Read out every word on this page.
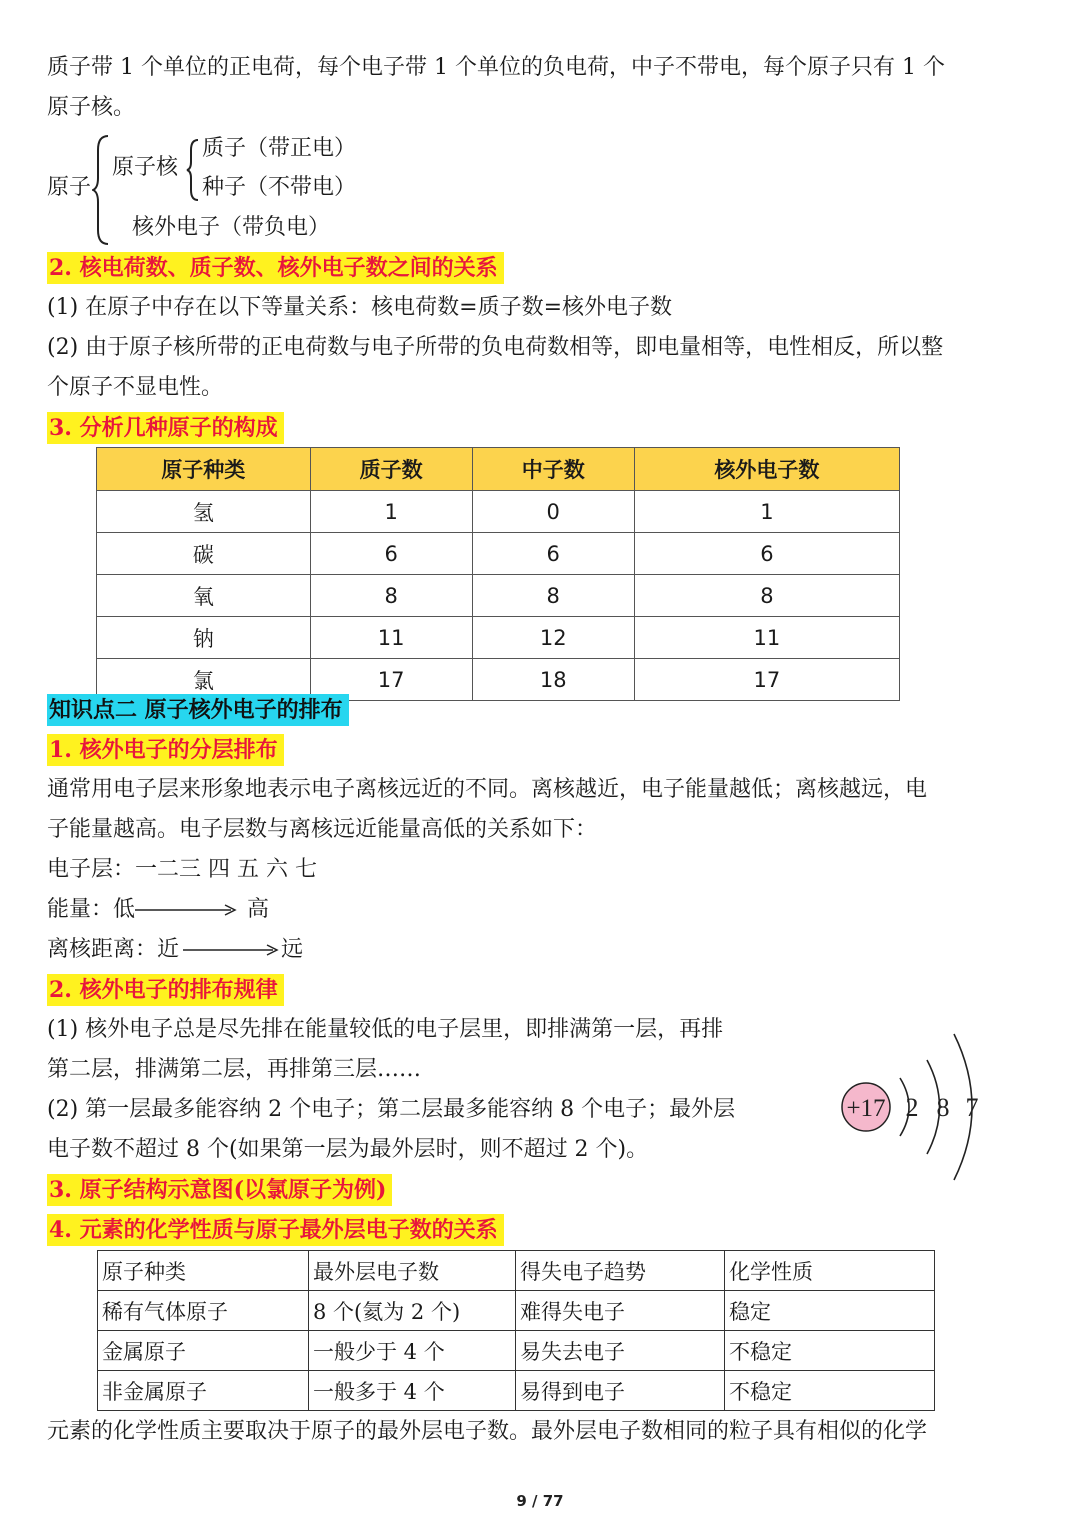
质子带 1 个单位的正电荷，每个电子带 1 个单位的负电荷，中子不带电，每个原子只有 1 个
原子核。
原子
原子核
质子（带正电）
种子（不带电）
核外电子（带负电）
2. 核电荷数、质子数、核外电子数之间的关系
(1) 在原子中存在以下等量关系：核电荷数=质子数=核外电子数
(2) 由于原子核所带的正电荷数与电子所带的负电荷数相等，即电量相等，电性相反，所以整
个原子不显电性。
3. 分析几种原子的构成
原子种类	质子数	中子数	核外电子数
氢	1	0	1
碳	6	6	6
氧	8	8	8
钠	11	12	11
氯	17	18	17
知识点二 原子核外电子的排布
1. 核外电子的分层排布
通常用电子层来形象地表示电子离核远近的不同。离核越近，电子能量越低；离核越远，电
子能量越高。电子层数与离核远近能量高低的关系如下：
电子层：一二三 四 五 六 七
能量：低	高
离核距离：近	远
2. 核外电子的排布规律
(1) 核外电子总是尽先排在能量较低的电子层里，即排满第一层，再排
第二层，排满第二层，再排第三层……
(2) 第一层最多能容纳 2 个电子；第二层最多能容纳 8 个电子；最外层
电子数不超过 8 个(如果第一层为最外层时，则不超过 2 个)。
+17 2 8 7
3. 原子结构示意图(以氯原子为例)
4. 元素的化学性质与原子最外层电子数的关系
原子种类	最外层电子数	得失电子趋势	化学性质
稀有气体原子	8 个(氦为 2 个)	难得失电子	稳定
金属原子	一般少于 4 个	易失去电子	不稳定
非金属原子	一般多于 4 个	易得到电子	不稳定
元素的化学性质主要取决于原子的最外层电子数。最外层电子数相同的粒子具有相似的化学
9 / 77
